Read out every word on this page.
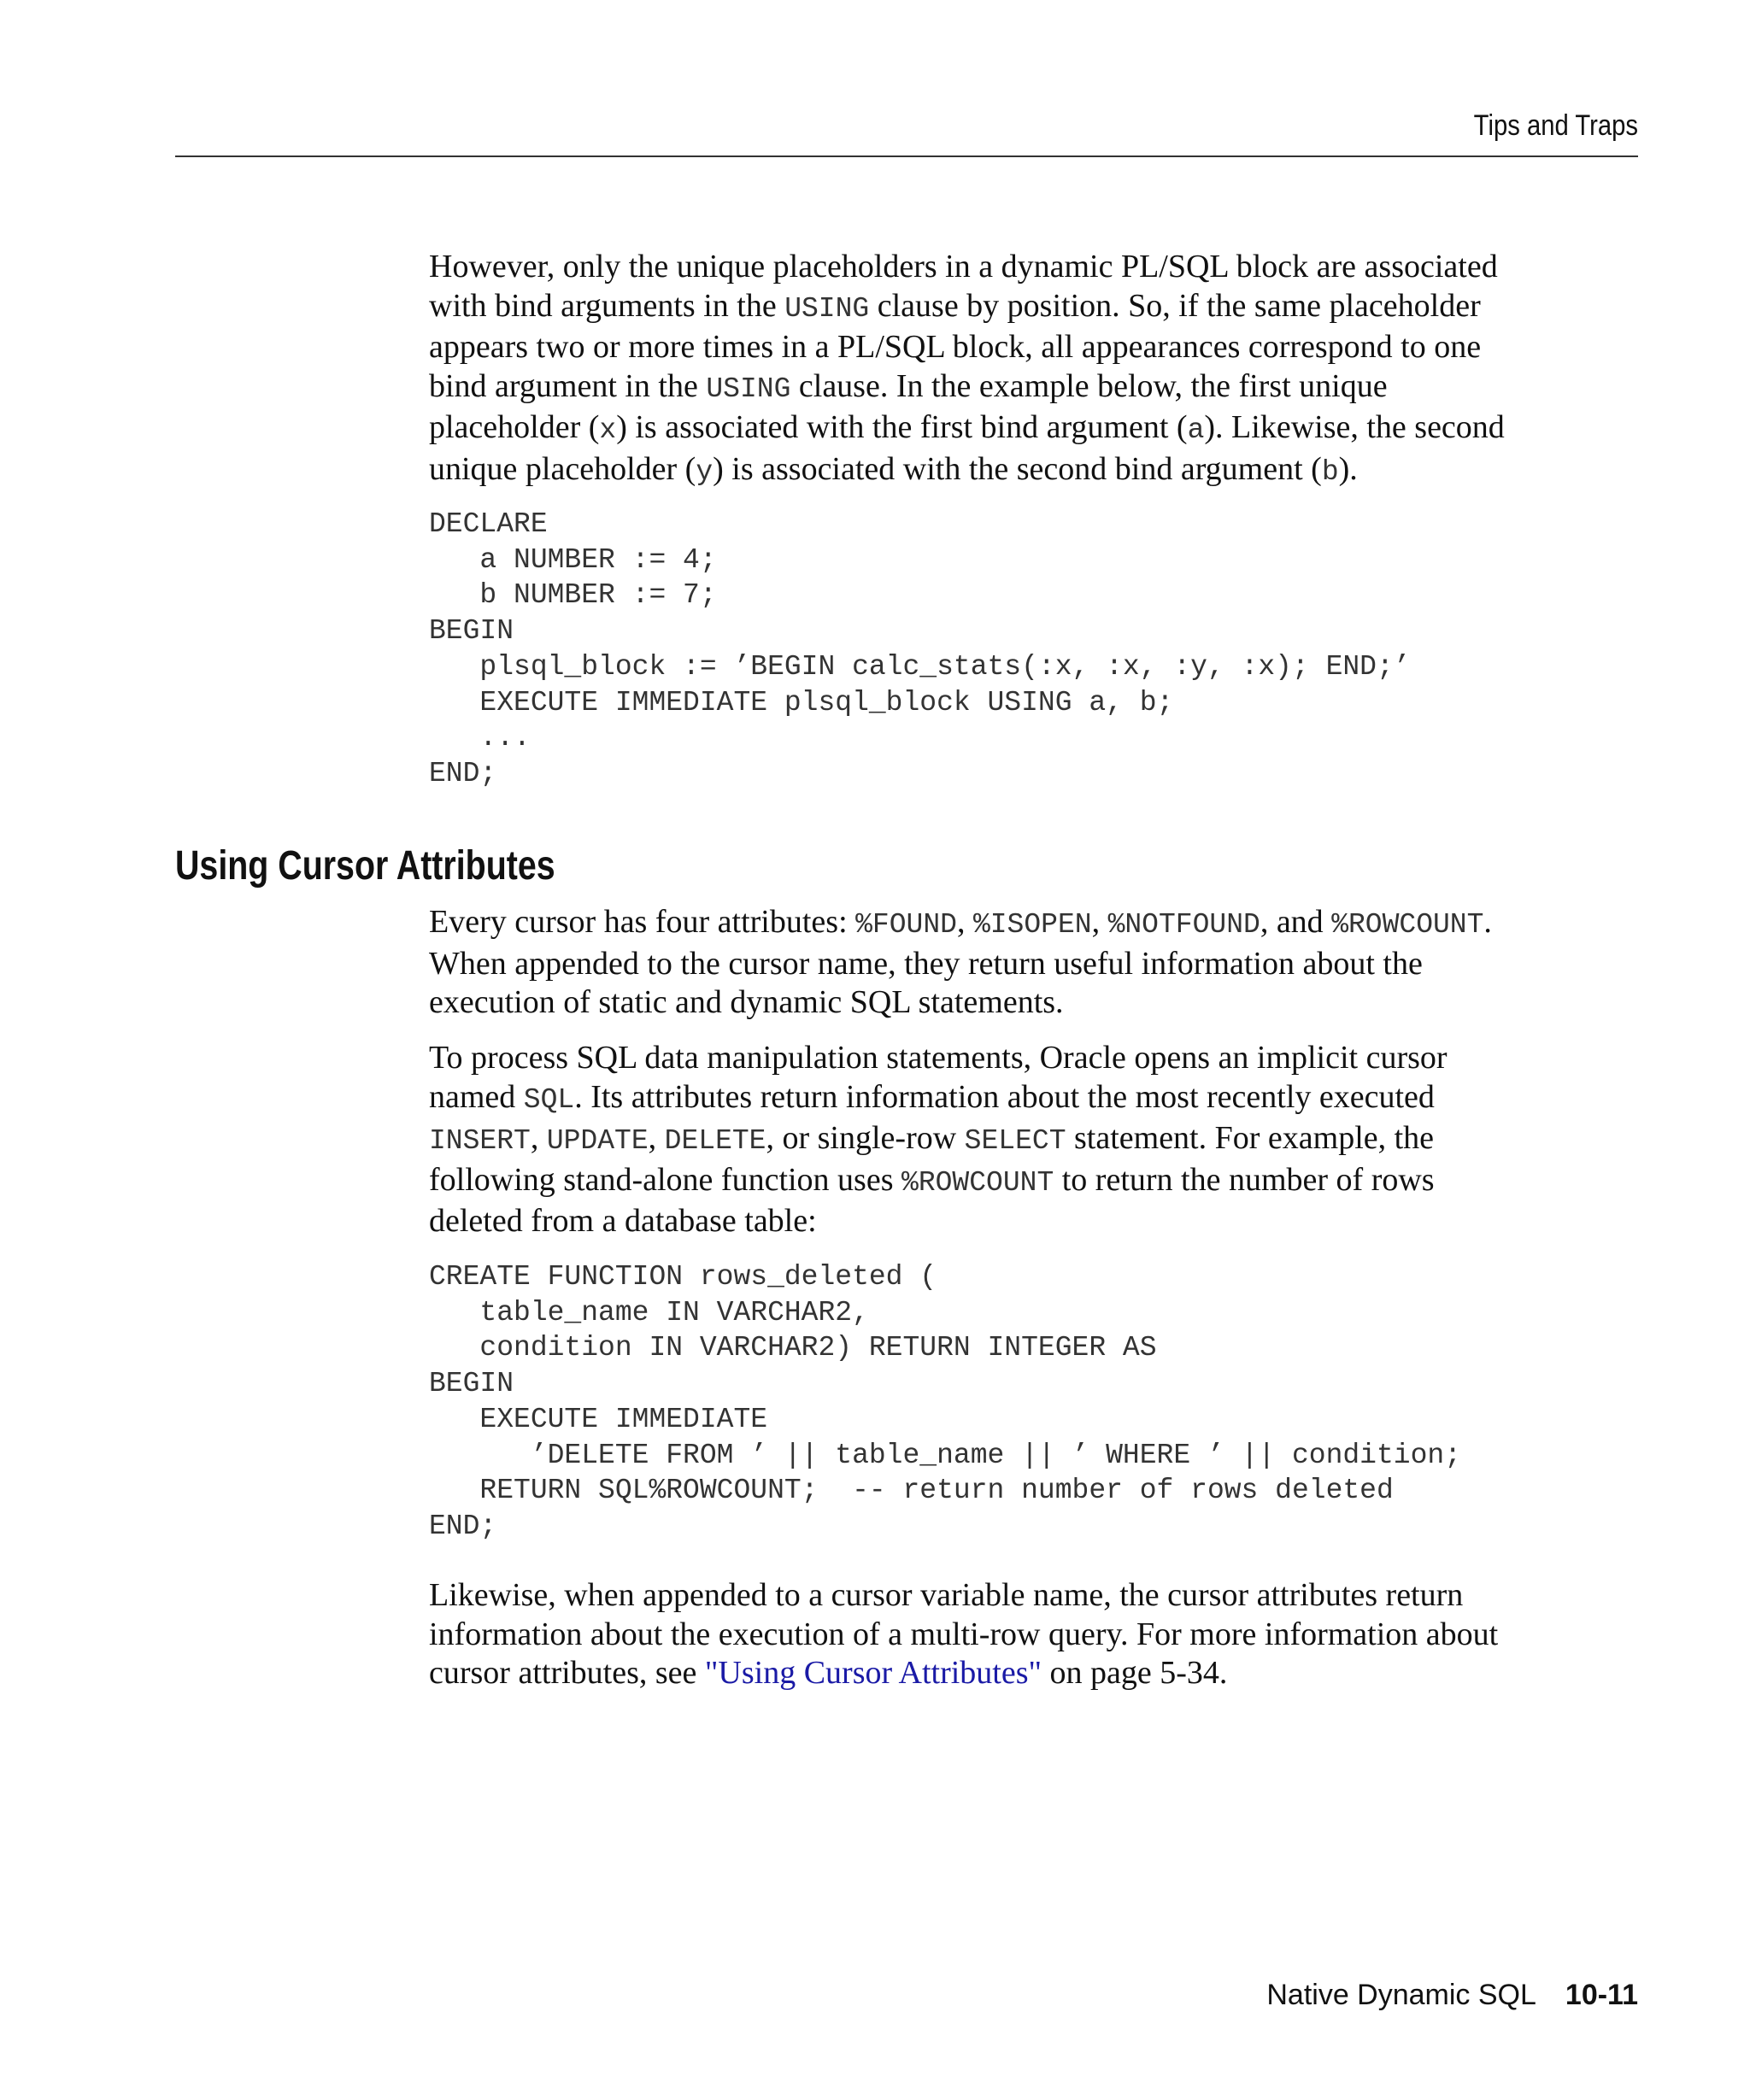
Tips and Traps

However, only the unique placeholders in a dynamic PL/SQL block are associated

with bind arguments in the USING clause by position. So, if the same placeholder

appears two or more times in a PL/SQL block, all appearances correspond to one

bind argument in the USING clause. In the example below, the first unique

placeholder (x) is associated with the first bind argument (a). Likewise, the second

unique placeholder (y) is associated with the second bind argument (b).

DECLARE
a NUMBER := 4;
b NUMBER := 7;
BEGIN
plsql_block := ’BEGIN calc_stats(:x, :x, :y, :x); END;’
EXECUTE IMMEDIATE plsql_block USING a, b;
...
END;
Using Cursor Attributes

Every cursor has four attributes: %FOUND, %ISOPEN, %NOTFOUND, and %ROWCOUNT.

When appended to the cursor name, they return useful information about the

execution of static and dynamic SQL statements.

To process SQL data manipulation statements, Oracle opens an implicit cursor

named SQL. Its attributes return information about the most recently executed

INSERT, UPDATE, DELETE, or single-row SELECT statement. For example, the

following stand-alone function uses %ROWCOUNT to return the number of rows

deleted from a database table:

CREATE FUNCTION rows_deleted (
table_name IN VARCHAR2,
condition IN VARCHAR2) RETURN INTEGER AS
BEGIN
EXECUTE IMMEDIATE
’DELETE FROM ’ || table_name || ’ WHERE ’ || condition;
RETURN SQL%ROWCOUNT;  -- return number of rows deleted
END;

Likewise, when appended to a cursor variable name, the cursor attributes return

information about the execution of a multi-row query. For more information about

cursor attributes, see "Using Cursor Attributes" on page 5-34.

Native Dynamic SQL 10-11
